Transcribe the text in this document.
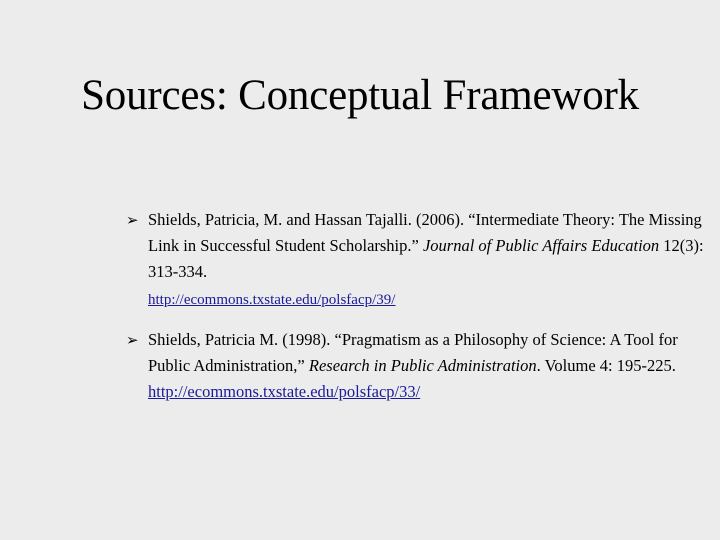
Sources: Conceptual Framework
➢ Shields, Patricia, M. and Hassan Tajalli. (2006). “Intermediate Theory: The Missing Link in Successful Student Scholarship.” Journal of Public Affairs Education 12(3): 313-334.
http://ecommons.txstate.edu/polsfacp/39/
➢ Shields, Patricia M. (1998). “Pragmatism as a Philosophy of Science: A Tool for Public Administration,” Research in Public Administration. Volume 4: 195-225.http://ecommons.txstate.edu/polsfacp/33/
